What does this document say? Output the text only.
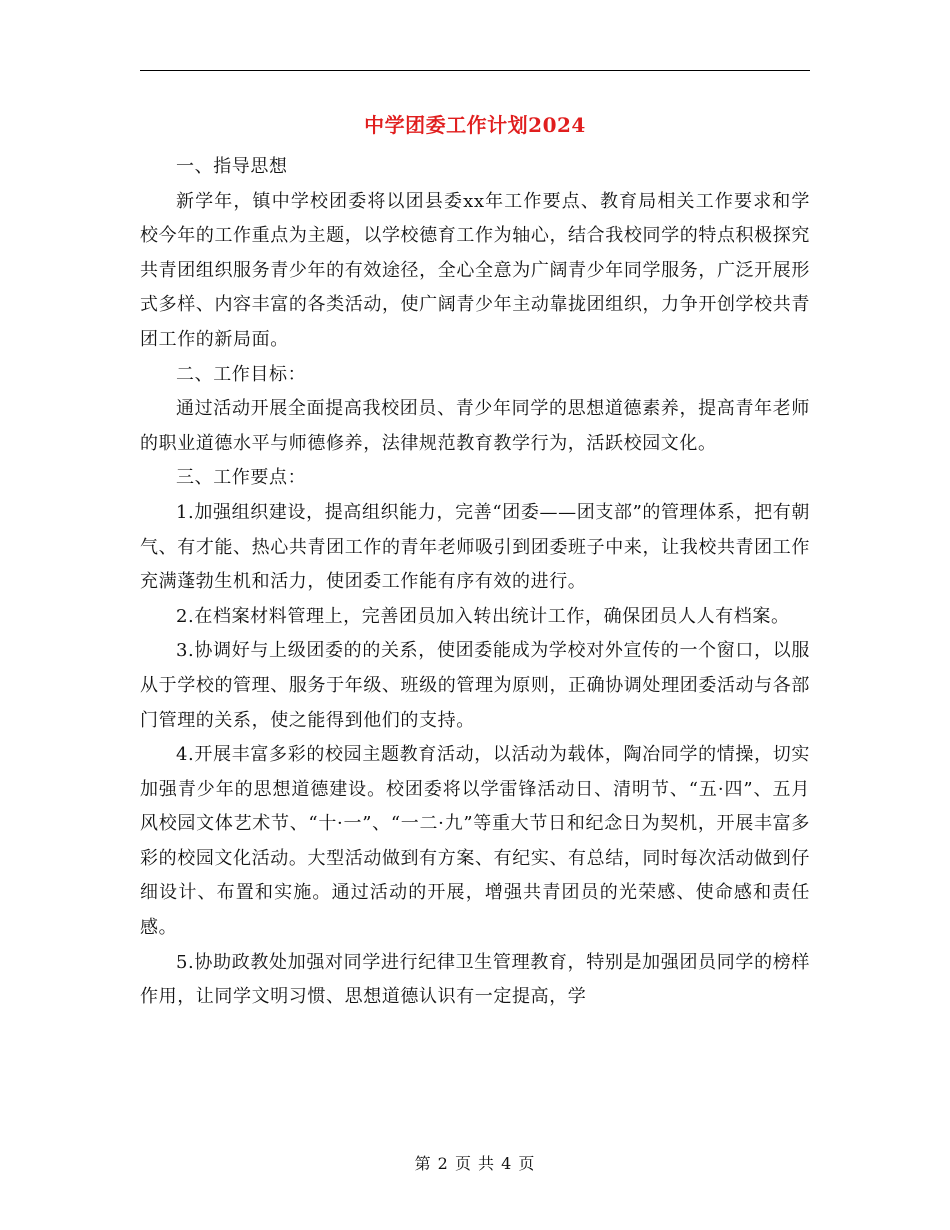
中学团委工作计划2024

一、指导思想

新学年，镇中学校团委将以团县委xx年工作要点、教育局相关工作要求和学校今年的工作重点为主题，以学校德育工作为轴心，结合我校同学的特点积极探究共青团组织服务青少年的有效途径，全心全意为广阔青少年同学服务，广泛开展形式多样、内容丰富的各类活动，使广阔青少年主动靠拢团组织，力争开创学校共青团工作的新局面。

二、工作目标：

通过活动开展全面提高我校团员、青少年同学的思想道德素养，提高青年老师的职业道德水平与师德修养，法律规范教育教学行为，活跃校园文化。

三、工作要点：

1.加强组织建设，提高组织能力，完善“团委——团支部”的管理体系，把有朝气、有才能、热心共青团工作的青年老师吸引到团委班子中来，让我校共青团工作充满蓬勃生机和活力，使团委工作能有序有效的进行。

2.在档案材料管理上，完善团员加入转出统计工作，确保团员人人有档案。

3.协调好与上级团委的的关系，使团委能成为学校对外宣传的一个窗口，以服从于学校的管理、服务于年级、班级的管理为原则，正确协调处理团委活动与各部门管理的关系，使之能得到他们的支持。

4.开展丰富多彩的校园主题教育活动，以活动为载体，陶冶同学的情操，切实加强青少年的思想道德建设。校团委将以学雷锋活动日、清明节、“五·四”、五月风校园文体艺术节、“十·一”、“一二·九”等重大节日和纪念日为契机，开展丰富多彩的校园文化活动。大型活动做到有方案、有纪实、有总结，同时每次活动做到仔细设计、布置和实施。通过活动的开展，增强共青团员的光荣感、使命感和责任感。

5.协助政教处加强对同学进行纪律卫生管理教育，特别是加强团员同学的榜样作用，让同学文明习惯、思想道德认识有一定提高，学

第 2 页 共 4 页
